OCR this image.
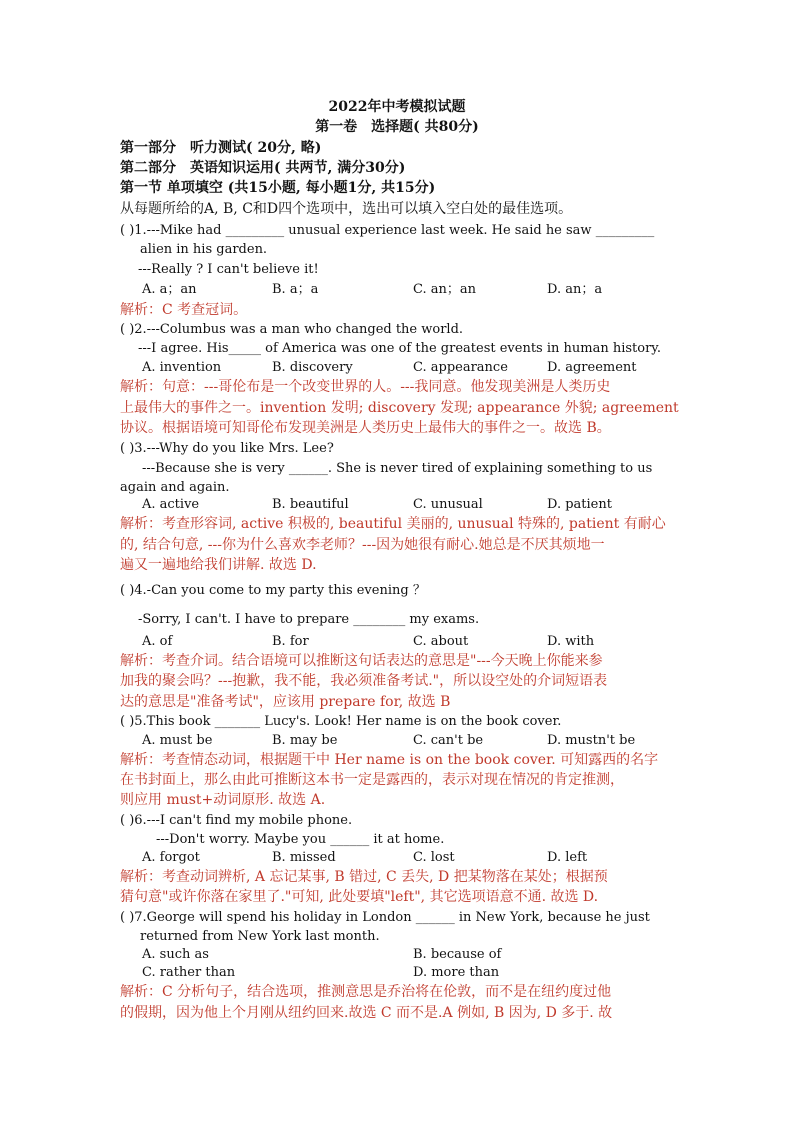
2022年中考模拟试题
第一卷　选择题( 共80分)
第一部分　听力测试( 20分, 略)
第二部分　英语知识运用( 共两节, 满分30分)
第一节 单项填空 (共15小题, 每小题1分, 共15分)
从每题所给的A, B, C和D四个选项中，选出可以填入空白处的最佳选项。
( )1.---Mike had _________ unusual experience last week. He said he saw _________
alien in his garden.
---Really ? I can't believe it!
A. a；an	B. a；a	C. an；an	D. an；a
解析：C 考查冠词。
( )2.---Columbus was a man who changed the world.
---I agree. His_____ of America was one of the greatest events in human history.
A. invention	B. discovery	C. appearance	D. agreement
解析：句意：---哥伦布是一个改变世界的人。---我同意。他发现美洲是人类历史
上最伟大的事件之一。invention 发明; discovery 发现; appearance 外貌; agreement
协议。根据语境可知哥伦布发现美洲是人类历史上最伟大的事件之一。故选 B。
( )3.---Why do you like Mrs. Lee?
---Because she is very ______. She is never tired of explaining something to us
again and again.
A. active	B. beautiful	C. unusual	D. patient
解析：考查形容词, active 积极的, beautiful 美丽的, unusual 特殊的, patient 有耐心
的, 结合句意, ---你为什么喜欢李老师？---因为她很有耐心.她总是不厌其烦地一
遍又一遍地给我们讲解. 故选 D.
( )4.-Can you come to my party this evening ？
-Sorry, I can't. I have to prepare ________ my exams.
A. of	B. for	C. about	D. with
解析：考查介词。结合语境可以推断这句话表达的意思是"---今天晚上你能来参
加我的聚会吗？---抱歉，我不能，我必须准备考试."，所以设空处的介词短语表
达的意思是"准备考试"，应该用 prepare for, 故选 B
( )5.This book _______ Lucy's. Look! Her name is on the book cover.
A. must be	B. may be	C. can't be	D. mustn't be
解析：考查情态动词，根据题干中 Her name is on the book cover. 可知露西的名字
在书封面上，那么由此可推断这本书一定是露西的，表示对现在情况的肯定推测，
则应用 must+动词原形. 故选 A.
( )6.---I can't find my mobile phone.
---Don't worry. Maybe you ______ it at home.
A. forgot	B. missed	C. lost	D. left
解析：考查动词辨析, A 忘记某事, B 错过, C 丢失, D 把某物落在某处；根据预
猜句意"或许你落在家里了."可知, 此处要填"left", 其它选项语意不通. 故选 D.
( )7.George will spend his holiday in London ______ in New York, because he just
returned from New York last month.
A. such as	B. because of
C. rather than	D. more than
解析：C 分析句子，结合选项，推测意思是乔治将在伦敦，而不是在纽约度过他
的假期，因为他上个月刚从纽约回来.故选 C 而不是.A 例如, B 因为, D 多于. 故
